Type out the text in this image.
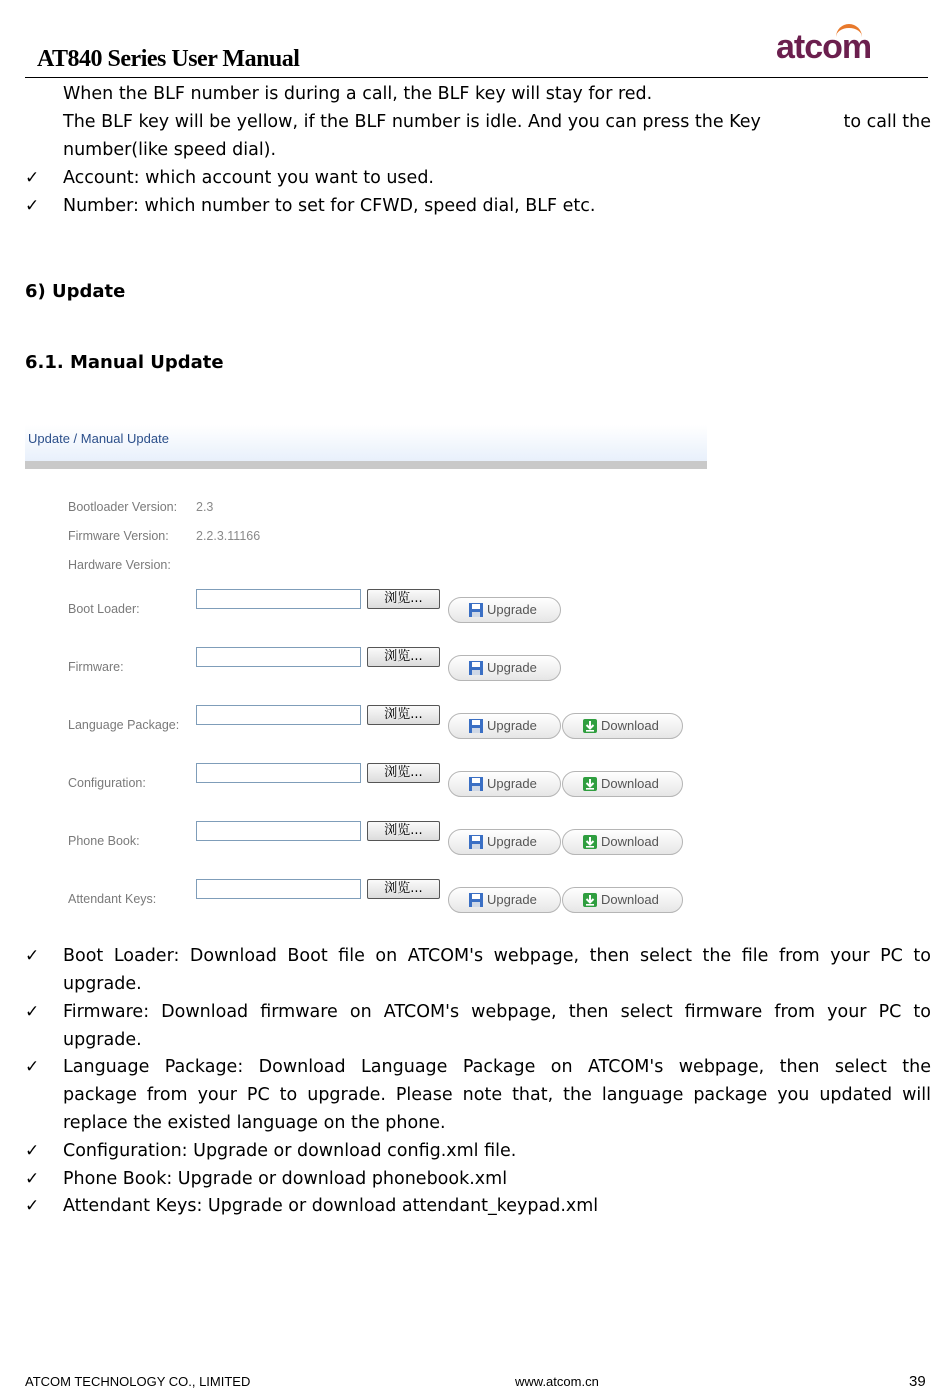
AT840 Series User Manual	atcom
When the BLF number is during a call, the BLF key will stay for red.
The BLF key will be yellow, if the BLF number is idle. And you can press the Key	to call the
number(like speed dial).
✓ Account: which account you want to used.
✓ Number: which number to set for CFWD, speed dial, BLF etc.
6) Update
6.1. Manual Update
Update / Manual Update
Bootloader Version: 2.3
Firmware Version: 2.2.3.11166
Hardware Version:
Boot Loader:
浏览...
Upgrade
Firmware:
浏览...
Upgrade
Language Package:
浏览...
Upgrade	Download
Configuration:
浏览...
Upgrade	Download
Phone Book:
浏览...
Upgrade	Download
Attendant Keys:
浏览...
Upgrade	Download
✓ Boot Loader: Download Boot file on ATCOM's webpage, then select the file from your PC to
upgrade.
✓ Firmware: Download firmware on ATCOM's webpage, then select firmware from your PC to
upgrade.
✓ Language Package: Download Language Package on ATCOM's webpage, then select the
package from your PC to upgrade. Please note that, the language package you updated will
replace the existed language on the phone.
✓ Configuration: Upgrade or download config.xml file.
✓ Phone Book: Upgrade or download phonebook.xml
✓ Attendant Keys: Upgrade or download attendant_keypad.xml
ATCOM TECHNOLOGY CO., LIMITED	www.atcom.cn	39
